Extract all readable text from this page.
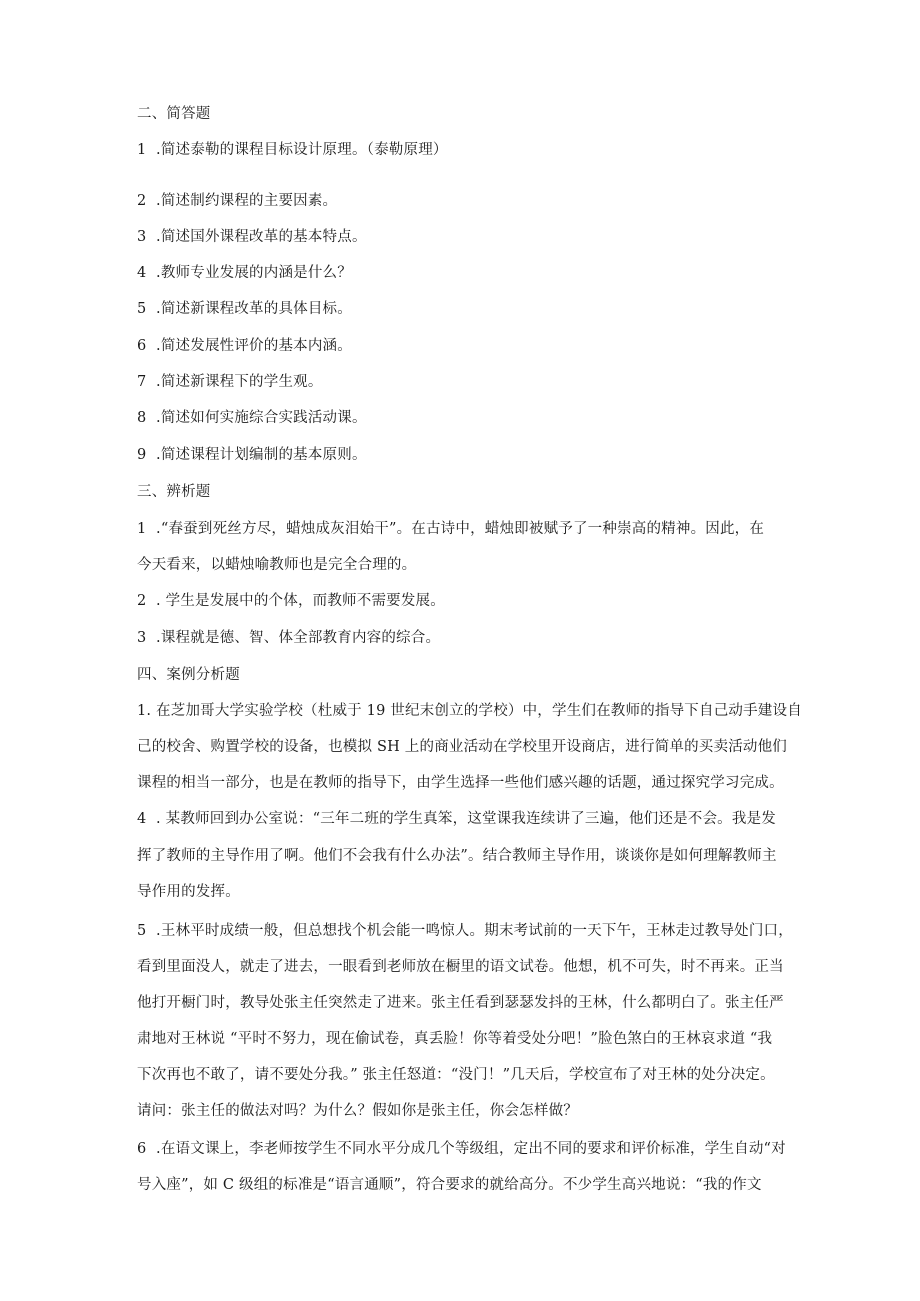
二、简答题
1  .简述泰勒的课程目标设计原理。（泰勒原理）
2  .简述制约课程的主要因素。
3  .简述国外课程改革的基本特点。
4  .教师专业发展的内涵是什么？
5  .简述新课程改革的具体目标。
6  .简述发展性评价的基本内涵。
7  .简述新课程下的学生观。
8  .简述如何实施综合实践活动课。
9  .简述课程计划编制的基本原则。
三、辨析题
1  .“春蚕到死丝方尽，蜡烛成灰泪始干”。在古诗中，蜡烛即被赋予了一种崇高的精神。因此，在
今天看来，以蜡烛喻教师也是完全合理的。
2  . 学生是发展中的个体，而教师不需要发展。
3  .课程就是德、智、体全部教育内容的综合。
四、案例分析题
1. 在芝加哥大学实验学校（杜威于 19 世纪末创立的学校）中，学生们在教师的指导下自己动手建设自
己的校舍、购置学校的设备，也模拟 SH 上的商业活动在学校里开设商店，进行简单的买卖活动他们
课程的相当一部分，也是在教师的指导下，由学生选择一些他们感兴趣的话题，通过探究学习完成。
4  . 某教师回到办公室说：“三年二班的学生真笨，这堂课我连续讲了三遍，他们还是不会。我是发
挥了教师的主导作用了啊。他们不会我有什么办法”。结合教师主导作用，谈谈你是如何理解教师主
导作用的发挥。
5  .王林平时成绩一般，但总想找个机会能一鸣惊人。期末考试前的一天下午，王林走过教导处门口，
看到里面没人，就走了进去，一眼看到老师放在橱里的语文试卷。他想，机不可失，时不再来。正当
他打开橱门时，教导处张主任突然走了进来。张主任看到瑟瑟发抖的王林，什么都明白了。张主任严
肃地对王林说 “平时不努力，现在偷试卷，真丢脸！你等着受处分吧！”脸色煞白的王林哀求道 “我
下次再也不敢了，请不要处分我。” 张主任怒道：“没门！”几天后，学校宣布了对王林的处分决定。
请问：张主任的做法对吗？为什么？假如你是张主任，你会怎样做？
6  .在语文课上，李老师按学生不同水平分成几个等级组，定出不同的要求和评价标准，学生自动“对
号入座”，如 C 级组的标准是“语言通顺”，符合要求的就给高分。不少学生高兴地说：“我的作文
